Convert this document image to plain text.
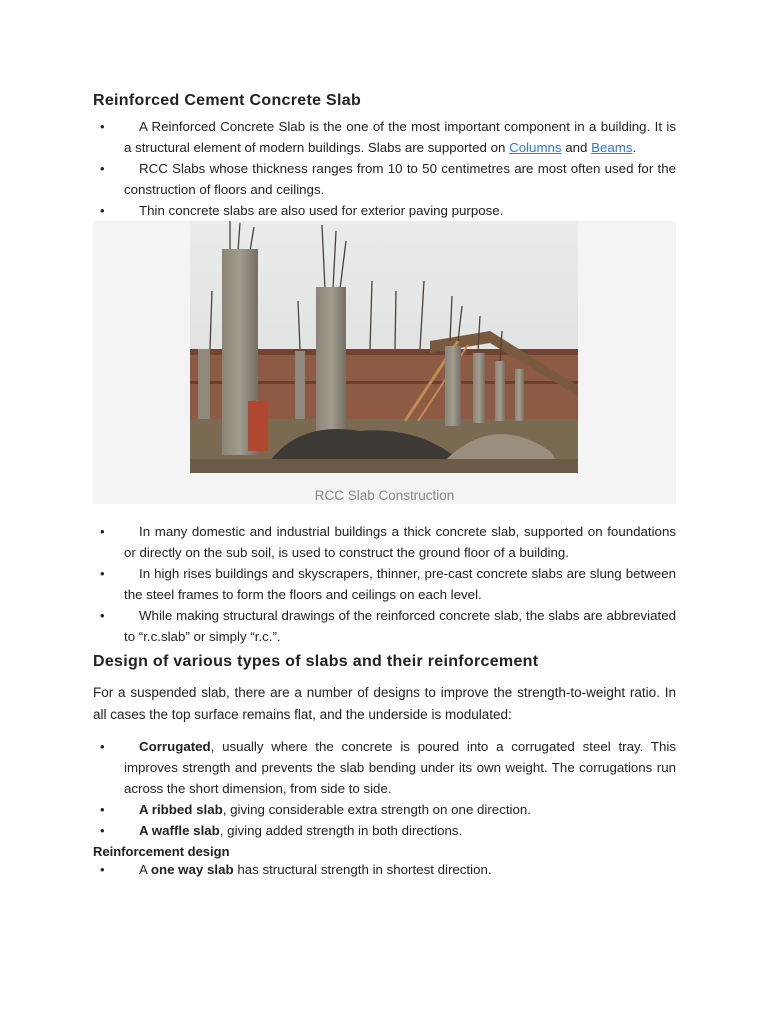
Reinforced Cement Concrete Slab
•	A Reinforced Concrete Slab is the one of the most important component in a building. It is a structural element of modern buildings. Slabs are supported on Columns and Beams.
•	RCC Slabs whose thickness ranges from 10 to 50 centimetres are most often used for the construction of floors and ceilings.
•	Thin concrete slabs are also used for exterior paving purpose.
RCC Slab Construction
•	In many domestic and industrial buildings a thick concrete slab, supported on foundations or directly on the sub soil, is used to construct the ground floor of a building.
•	In high rises buildings and skyscrapers, thinner, pre-cast concrete slabs are slung between the steel frames to form the floors and ceilings on each level.
•	While making structural drawings of the reinforced concrete slab, the slabs are abbreviated to “r.c.slab” or simply “r.c.”.
Design of various types of slabs and their reinforcement

For a suspended slab, there are a number of designs to improve the strength-to-weight ratio. In all cases the top surface remains flat, and the underside is modulated:

•	Corrugated, usually where the concrete is poured into a corrugated steel tray. This improves strength and prevents the slab bending under its own weight. The corrugations run across the short dimension, from side to side.
•	A ribbed slab, giving considerable extra strength on one direction.
•	A waffle slab, giving added strength in both directions.
Reinforcement design
•	A one way slab has structural strength in shortest direction.
